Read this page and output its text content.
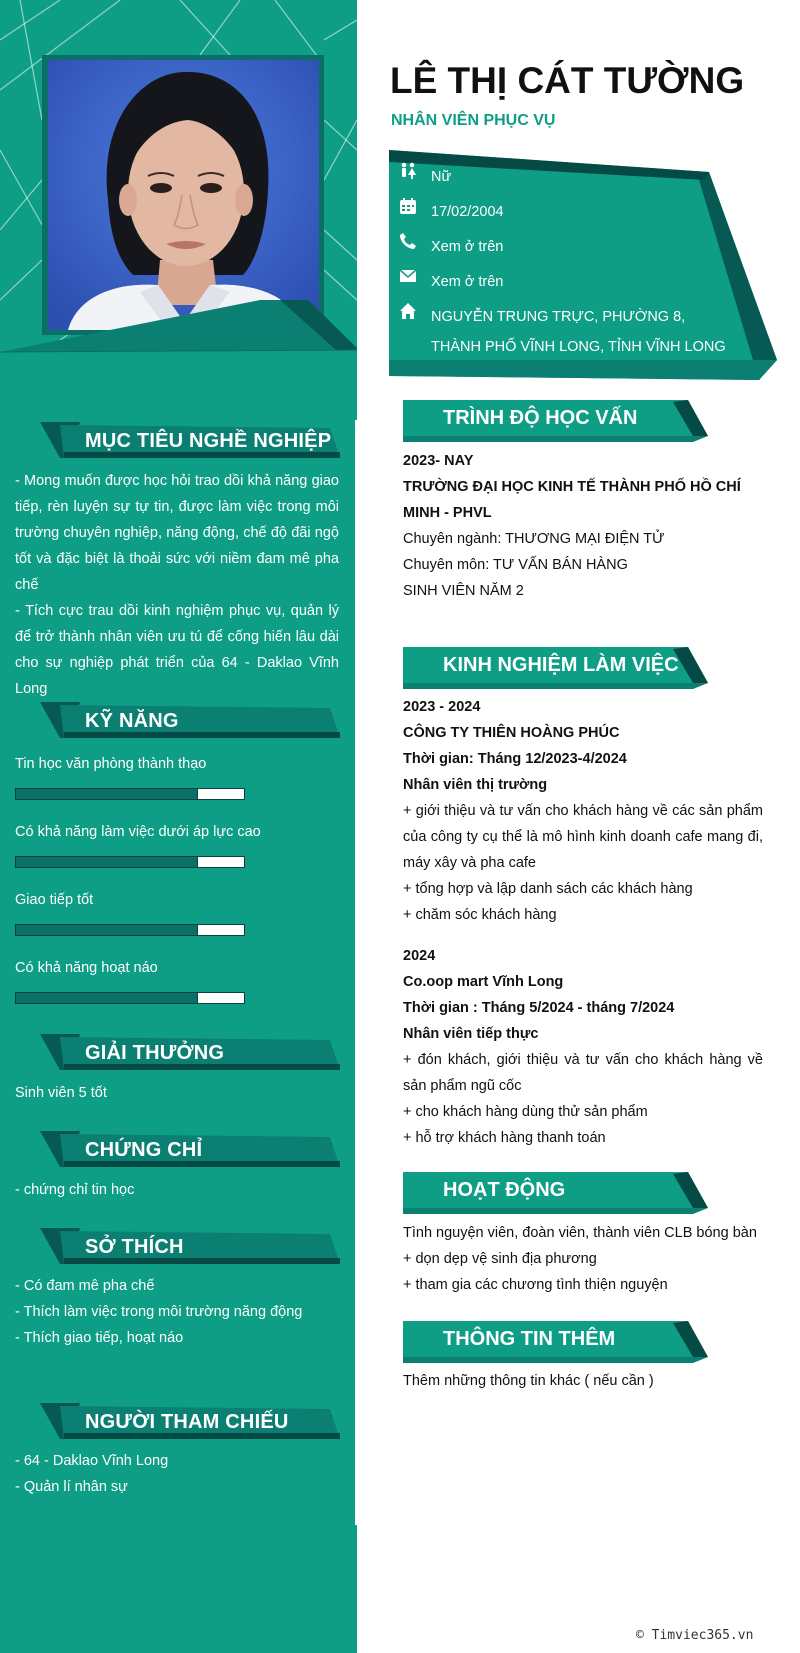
MỤC TIÊU NGHỀ NGHIỆP

- Mong muốn được học hỏi trao dồi khả năng giao tiếp, rèn luyện sự tự tin, được làm việc trong môi trường chuyên nghiệp, năng động, chế độ đãi ngộ tốt và đặc biệt là thoải sức với niềm đam mê pha chế

- Tích cực trau dồi kinh nghiệm phục vụ, quản lý để trở thành nhân viên ưu tú để cống hiến lâu dài cho sự nghiệp phát triển của 64 - Daklao Vĩnh Long

KỸ NĂNG
Tin học văn phòng thành thạo
Có khả năng làm việc dưới áp lực cao
Giao tiếp tốt
Có khả năng hoạt náo
GIẢI THƯỞNG
Sinh viên 5 tốt
CHỨNG CHỈ
- chứng chỉ tin học
SỞ THÍCH

- Có đam mê pha chế

- Thích làm việc trong môi trường năng động

- Thích giao tiếp, hoạt náo

NGƯỜI THAM CHIẾU

- 64 - Daklao Vĩnh Long

- Quản lí nhân sự

LÊ THỊ CÁT TƯỜNG
NHÂN VIÊN PHỤC VỤ
Nữ
17/02/2004
Xem ở trên
Xem ở trên
NGUYỄN TRUNG TRỰC, PHƯỜNG 8, THÀNH PHỐ VĨNH LONG, TỈNH VĨNH LONG
TRÌNH ĐỘ HỌC VẤN

2023- NAY

TRƯỜNG ĐẠI HỌC KINH TẾ THÀNH PHỐ HỒ CHÍ MINH - PHVL

Chuyên ngành: THƯƠNG MẠI ĐIỆN TỬ

Chuyên môn: TƯ VẤN BÁN HÀNG

SINH VIÊN NĂM 2

KINH NGHIỆM LÀM VIỆC

2023 - 2024

CÔNG TY THIÊN HOÀNG PHÚC

Thời gian: Tháng 12/2023-4/2024

Nhân viên thị trường

+ giới thiệu và tư vấn cho khách hàng về các sản phẩm của công ty cụ thể là mô hình kinh doanh cafe mang đi, máy xây và pha cafe

+ tổng hợp và lập danh sách các khách hàng

+ chăm sóc khách hàng

2024

Co.oop mart Vĩnh Long

Thời gian : Tháng 5/2024 - tháng 7/2024

Nhân viên tiếp thực

+ đón khách, giới thiệu và tư vấn cho khách hàng về sản phẩm ngũ cốc

+ cho khách hàng dùng thử sản phẩm

+ hỗ trợ khách hàng thanh toán

HOẠT ĐỘNG

Tình nguyện viên, đoàn viên, thành viên CLB bóng bàn

+ dọn dẹp vệ sinh địa phương

+ tham gia các chương tình thiện nguyện

THÔNG TIN THÊM
Thêm những thông tin khác ( nếu cần )
© Timviec365.vn
